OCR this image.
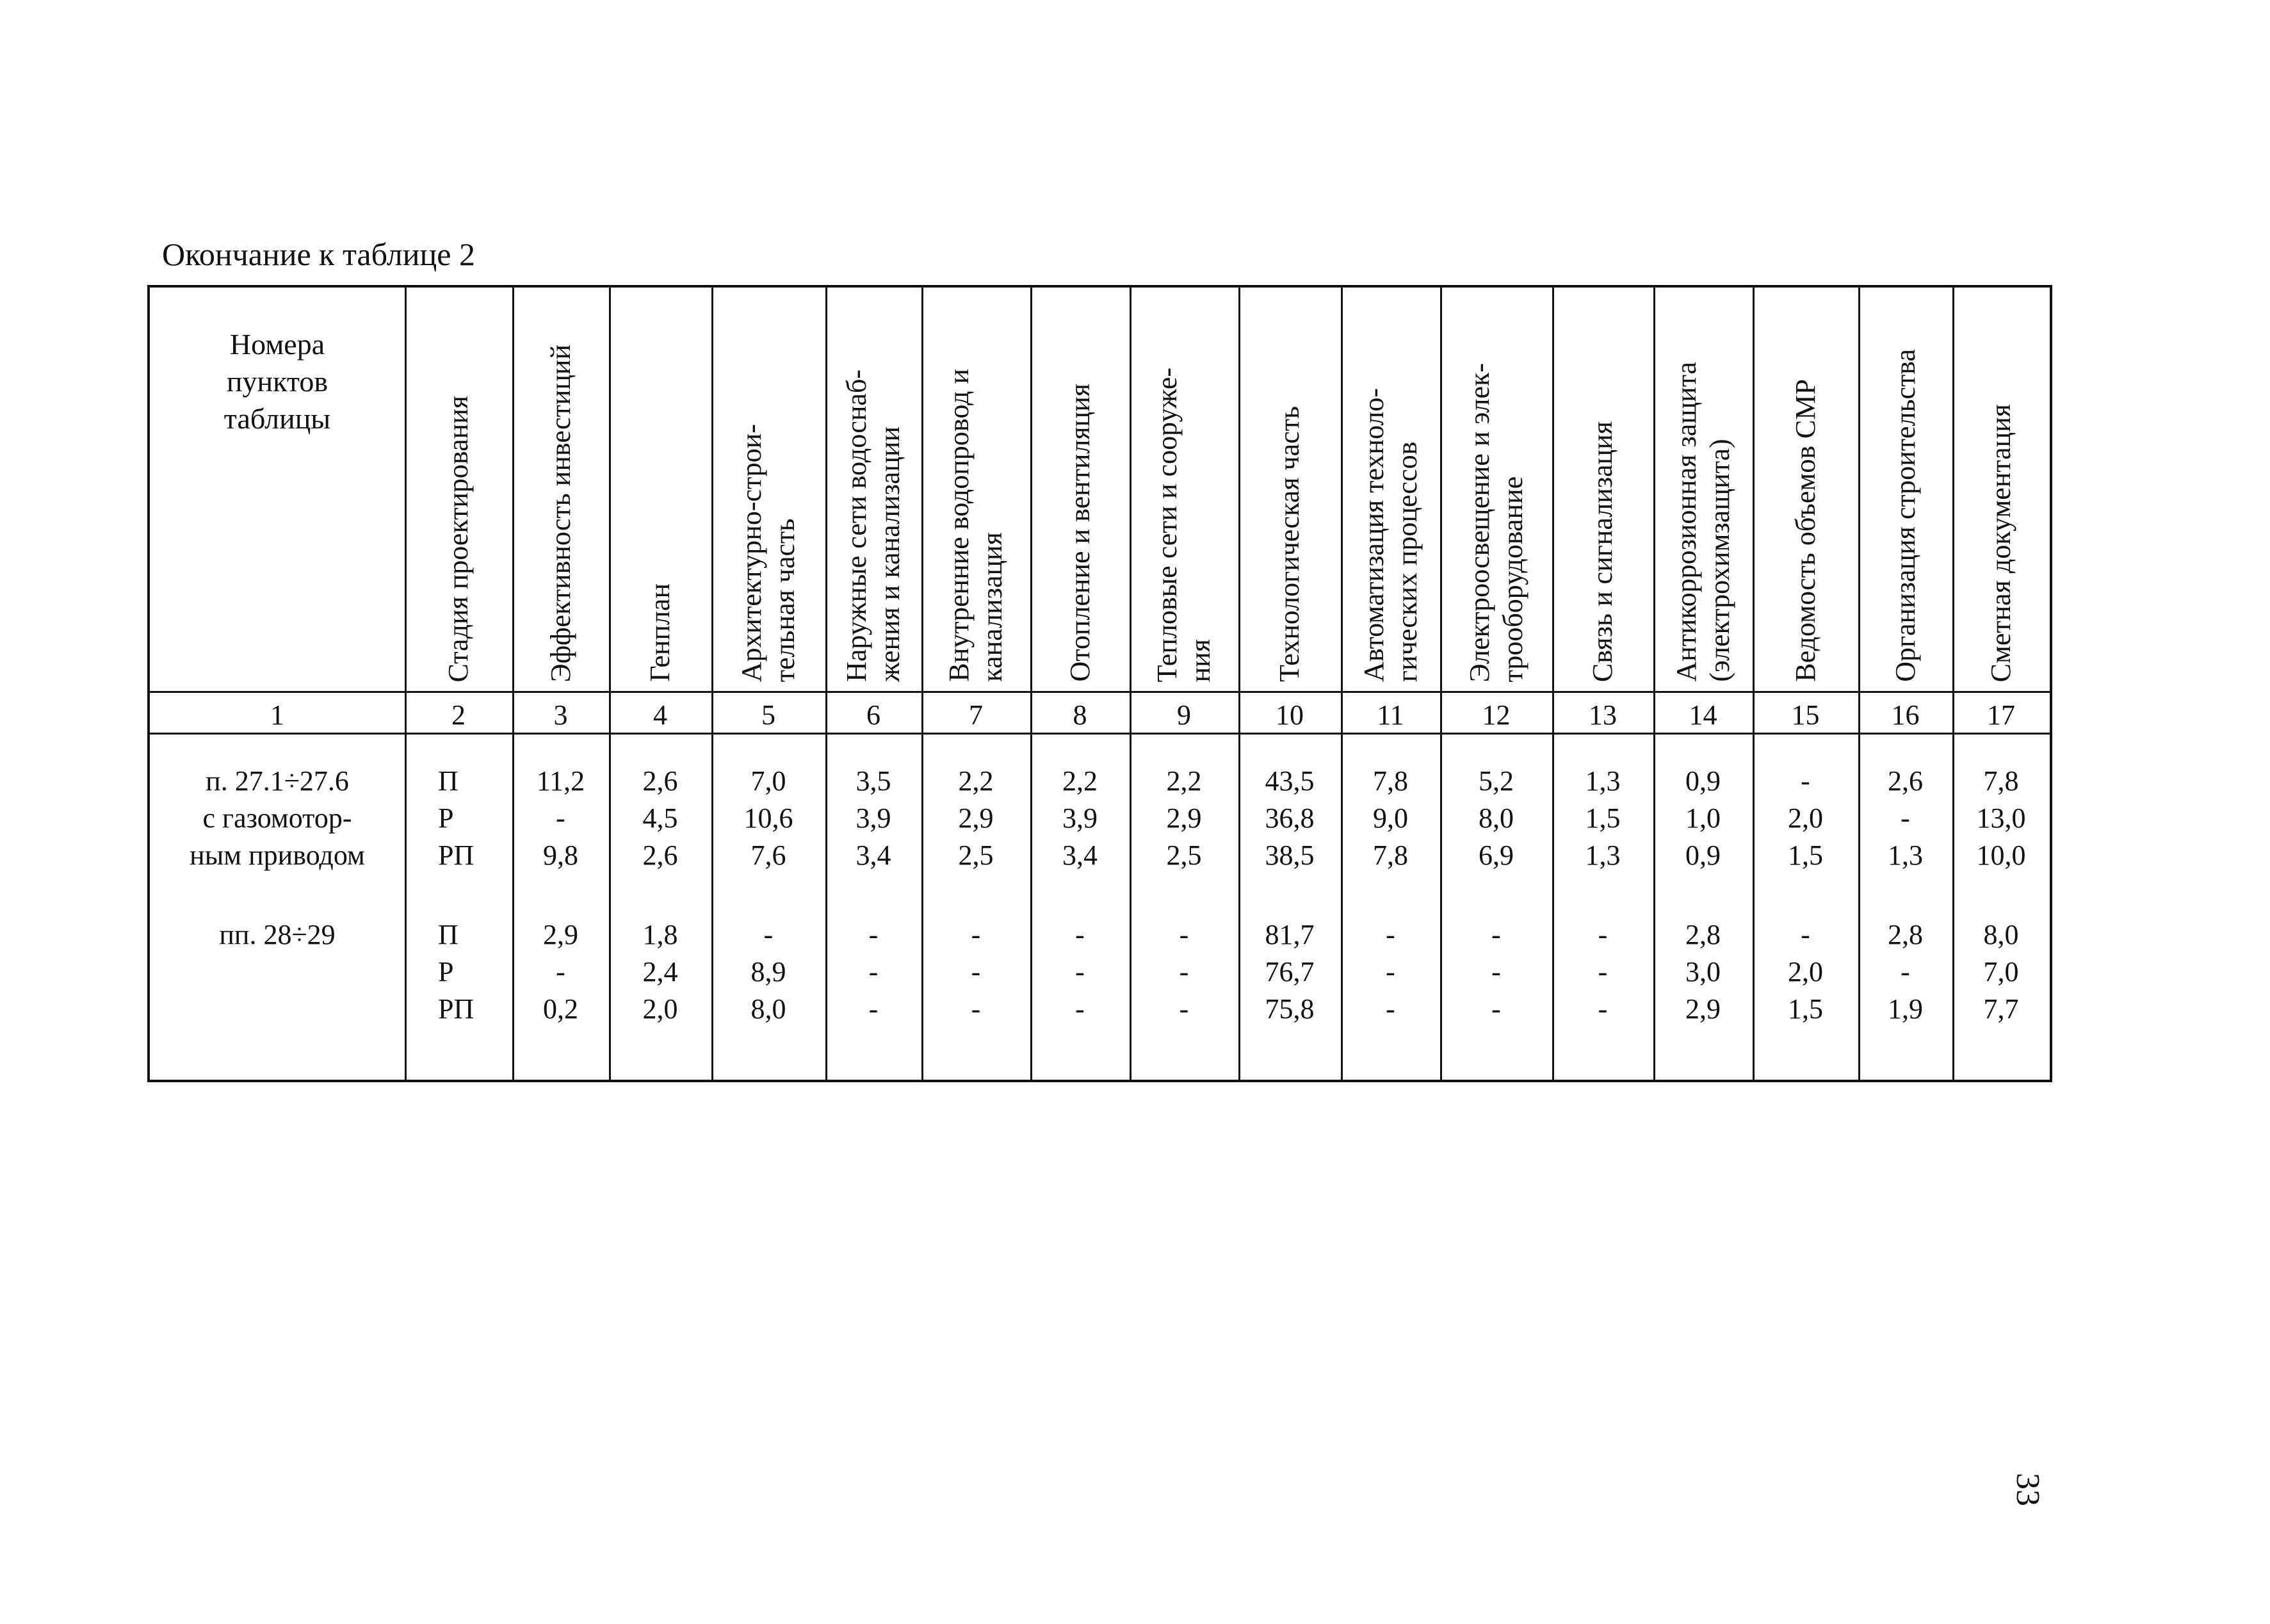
Окончание к таблице 2
Номера
пунктов
таблицы
1
Стадия проектирования
2
Эффективность инвестиций
3
Генплан
4
Архитектурно-строи-
тельная часть
5
Наружные сети водоснаб-
жения и канализации
6
Внутренние водопровод и
канализация
7
Отопление и вентиляция
8
Тепловые сети и сооруже-
ния
9
Технологическая часть
10
Автоматизация техноло-
гических процессов
11
Электроосвещение и элек-
трооборудование
12
Связь и сигнализация
13
Антикоррозионная защита
(электрохимзащита)
14
Ведомость объемов СМР
15
Организация строительства
16
Сметная документация
17
п. 27.1÷27.6
с газомотор-
ным приводом
П
Р
РП
11,2
-
9,8
2,6
4,5
2,6
7,0
10,6
7,6
3,5
3,9
3,4
2,2
2,9
2,5
2,2
3,9
3,4
2,2
2,9
2,5
43,5
36,8
38,5
7,8
9,0
7,8
5,2
8,0
6,9
1,3
1,5
1,3
0,9
1,0
0,9
-
2,0
1,5
2,6
-
1,3
7,8
13,0
10,0
пп. 28÷29	П
Р
РП
2,9
-
0,2
1,8
2,4
2,0
-
8,9
8,0
-
-
-
-
-
-
-
-
-
-
-
-
81,7
76,7
75,8
-
-
-
-
-
-
-
-
-
2,8
3,0
2,9
-
2,0
1,5
2,8
-
1,9
8,0
7,0
7,7
33
